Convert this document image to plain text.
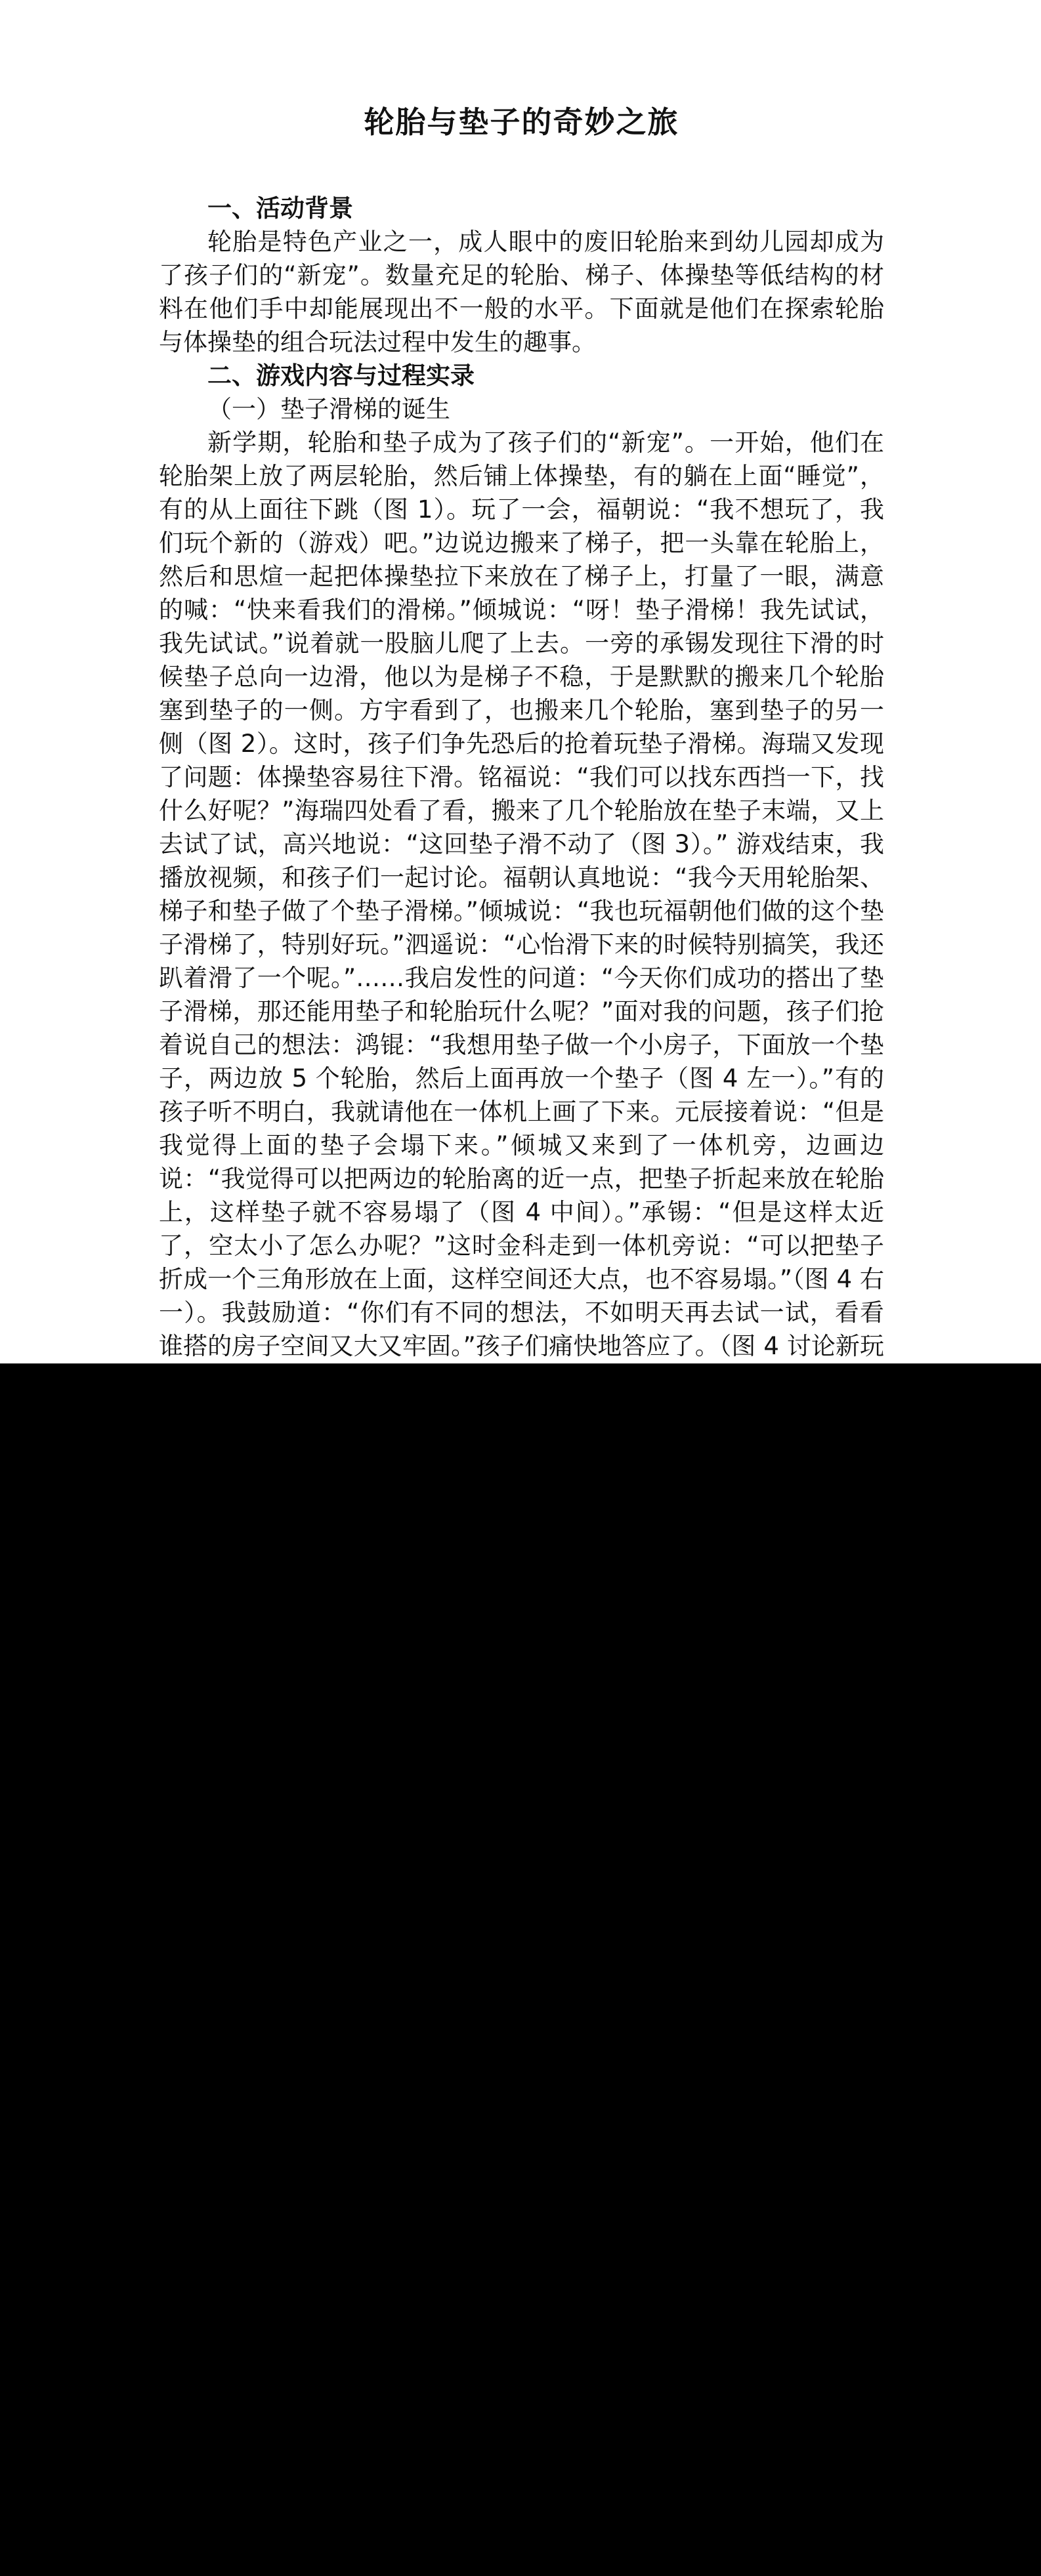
轮胎与垫子的奇妙之旅

一、活动背景

轮胎是特色产业之一，成人眼中的废旧轮胎来到幼儿园却成为了孩子们的“新宠”。数量充足的轮胎、梯子、体操垫等低结构的材料在他们手中却能展现出不一般的水平。下面就是他们在探索轮胎与体操垫的组合玩法过程中发生的趣事。

二、游戏内容与过程实录

（一）垫子滑梯的诞生

新学期，轮胎和垫子成为了孩子们的“新宠”。一开始，他们在轮胎架上放了两层轮胎，然后铺上体操垫，有的躺在上面“睡觉”，有的从上面往下跳（图 1）。玩了一会，福朝说：“我不想玩了，我们玩个新的（游戏）吧。”边说边搬来了梯子，把一头靠在轮胎上，然后和思煊一起把体操垫拉下来放在了梯子上，打量了一眼，满意的喊：“快来看我们的滑梯。”倾城说：“呀！垫子滑梯！我先试试，我先试试。”说着就一股脑儿爬了上去。一旁的承锡发现往下滑的时候垫子总向一边滑，他以为是梯子不稳，于是默默的搬来几个轮胎塞到垫子的一侧。方宇看到了，也搬来几个轮胎，塞到垫子的另一侧（图 2）。这时，孩子们争先恐后的抢着玩垫子滑梯。海瑞又发现了问题：体操垫容易往下滑。铭福说：“我们可以找东西挡一下，找什么好呢？”海瑞四处看了看，搬来了几个轮胎放在垫子末端，又上去试了试，高兴地说：“这回垫子滑不动了（图 3）。” 游戏结束，我播放视频，和孩子们一起讨论。福朝认真地说：“我今天用轮胎架、梯子和垫子做了个垫子滑梯。”倾城说：“我也玩福朝他们做的这个垫子滑梯了，特别好玩。”泗遥说：“心怡滑下来的时候特别搞笑，我还趴着滑了一个呢。”……我启发性的问道：“今天你们成功的搭出了垫子滑梯，那还能用垫子和轮胎玩什么呢？”面对我的问题，孩子们抢着说自己的想法：鸿锟：“我想用垫子做一个小房子，下面放一个垫子，两边放 5 个轮胎，然后上面再放一个垫子（图 4 左一）。”有的孩子听不明白，我就请他在一体机上画了下来。元辰接着说：“但是我觉得上面的垫子会塌下来。”倾城又来到了一体机旁，边画边说：“我觉得可以把两边的轮胎离的近一点，把垫子折起来放在轮胎上，这样垫子就不容易塌了（图 4 中间）。”承锡：“但是这样太近了，空太小了怎么办呢？”这时金科走到一体机旁说：“可以把垫子折成一个三角形放在上面，这样空间还大点，也不容易塌。”（图 4 右一）。我鼓励道：“你们有不同的想法，不如明天再去试一试，看看谁搭的房子空间又大又牢固。”孩子们痛快地答应了。（图 4 讨论新玩
